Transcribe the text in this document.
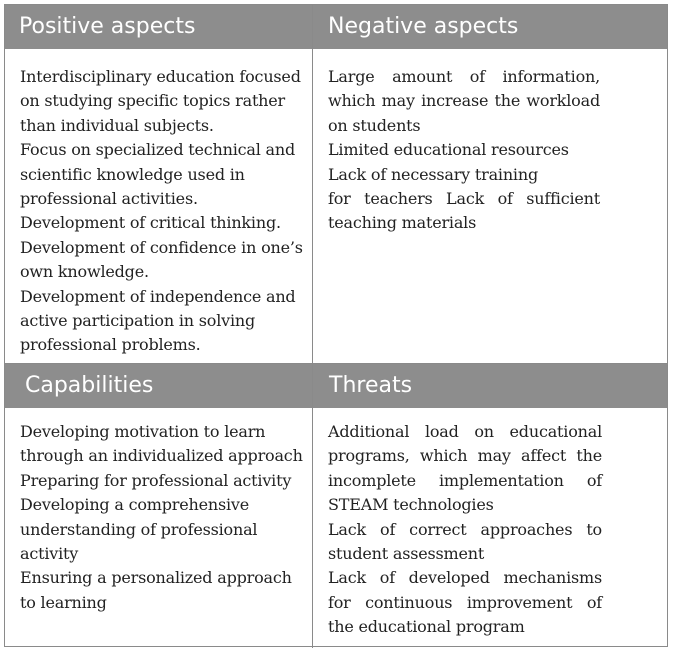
Positive aspects	Negative aspects

Interdisciplinary education focused on studying specific topics rather than individual subjects.

Focus on specialized technical and scientific knowledge used in professional activities.

Development of critical thinking.

Development of confidence in one’s own knowledge.

Development of independence and active participation in solving professional problems.

Large amount of information, which may increase the workload on students

Limited educational resources

Lack of necessary training

for teachers Lack of sufficient teaching materials

Capabilities	Threats

Developing motivation to learn through an individualized approach

Preparing for professional activity

Developing a comprehensive understanding of professional activity

Ensuring a personalized approach to learning

Additional load on educational programs, which may affect the incomplete implementation of STEAM technologies

Lack of correct approaches to student assessment

Lack of developed mechanisms for continuous improvement of the educational program
